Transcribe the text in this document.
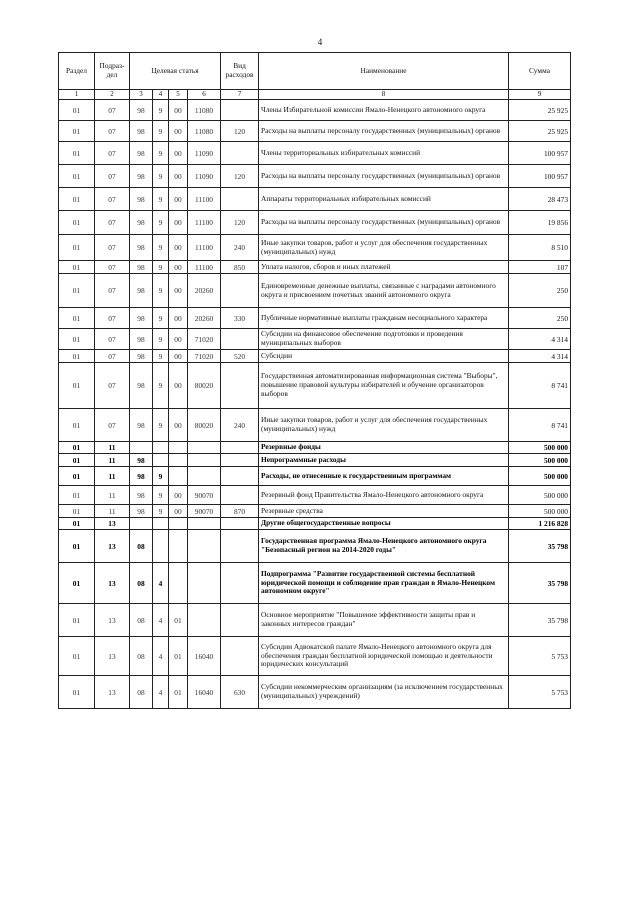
4
Раздел	Подраз-дел	Целевая статья				Вид расходов	Наименование	Сумма
1	2	3	4	5	6	7	8	9
01	07	98	9	00	11080		Члены Избирательной комиссии Ямало-Ненецкого автономного округа	25 925
01	07	98	9	00	11080	120	Расходы на выплаты персоналу государственных (муниципальных) органов	25 925
01	07	98	9	00	11090		Члены территориальных избирательных комиссий	100 957
01	07	98	9	00	11090	120	Расходы на выплаты персоналу государственных (муниципальных) органов	100 957
01	07	98	9	00	11100		Аппараты территориальных избирательных комиссий	28 473
01	07	98	9	00	11100	120	Расходы на выплаты персоналу государственных (муниципальных) органов	19 856
01	07	98	9	00	11100	240	Иные закупки товаров, работ и услуг для обеспечения государственных (муниципальных) нужд	8 510
01	07	98	9	00	11100	850	Уплата налогов, сборов и иных платежей	107
01	07	98	9	00	20260		Единовременные денежные выплаты, связанные с наградами автономного округа и присвоением почетных званий автономного округа	250
01	07	98	9	00	20260	330	Публичные нормативные выплаты гражданам несоциального характера	250
01	07	98	9	00	71020		Субсидии на финансовое обеспечение подготовки и проведения муниципальных выборов	4 314
01	07	98	9	00	71020	520	Субсидии	4 314
01	07	98	9	00	80020		Государственная автоматизированная информационная система "Выборы", повышение правовой культуры избирателей и обучение организаторов выборов	8 741
01	07	98	9	00	80020	240	Иные закупки товаров, работ и услуг для обеспечения государственных (муниципальных) нужд	8 741
01	11						Резервные фонды	500 000
01	11	98					Непрограммные расходы	500 000
01	11	98	9				Расходы, не отнесенные к государственным программам	500 000
01	11	98	9	00	90070		Резервный фонд Правительства Ямало-Ненецкого автономного округа	500 000
01	11	98	9	00	90070	870	Резервные средства	500 000
01	13						Другие общегосударственные вопросы	1 216 828
01	13	08					Государственная программа Ямало-Ненецкого автономного округа "Безопасный регион на 2014-2020 годы"	35 798
01	13	08	4				Подпрограмма "Развитие государственной системы бесплатной юридической помощи и соблюдение прав граждан в Ямало-Ненецком автономном округе"	35 798
01	13	08	4	01			Основное мероприятие "Повышение эффективности защиты прав и законных интересов граждан"	35 798
01	13	08	4	01	16040		Субсидии Адвокатской палате Ямало-Ненецкого автономного округа для обеспечения граждан бесплатной юридической помощью и деятельности юридических консультаций	5 753
01	13	08	4	01	16040	630	Субсидии некоммерческим организациям (за исключением государственных (муниципальных) учреждений)	5 753
